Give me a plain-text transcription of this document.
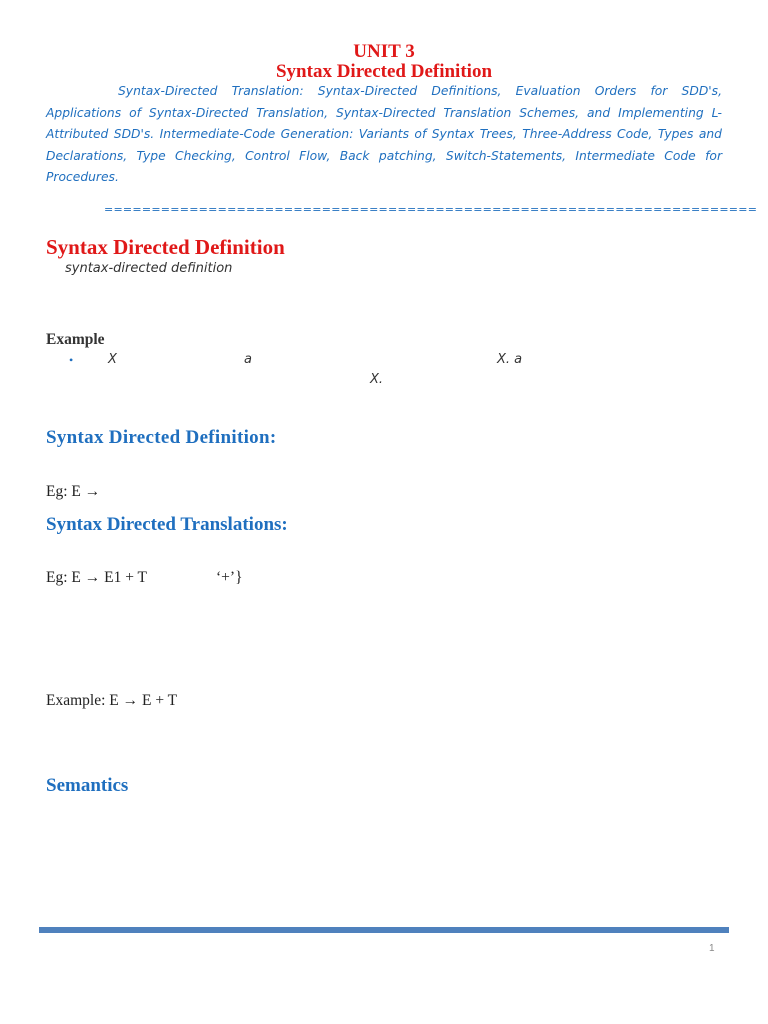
UNIT 3
Syntax Directed Definition
Syntax-Directed Translation: Syntax-Directed Definitions, Evaluation Orders for SDD's, Applications of Syntax-Directed Translation, Syntax-Directed Translation Schemes, and Implementing L-Attributed SDD's. Intermediate-Code Generation: Variants of Syntax Trees, Three-Address Code, Types and Declarations, Type Checking, Control Flow, Back patching, Switch-Statements, Intermediate Code for Procedures.
=====================================================================
Syntax Directed Definition
syntax-directed definition
Example
•	X	a	X. a
X.
Syntax Directed Definition:
Eg: E →
Syntax Directed Translations:
Eg: E → E1 + T	‘+’}
Example: E → E + T
Semantics
1
